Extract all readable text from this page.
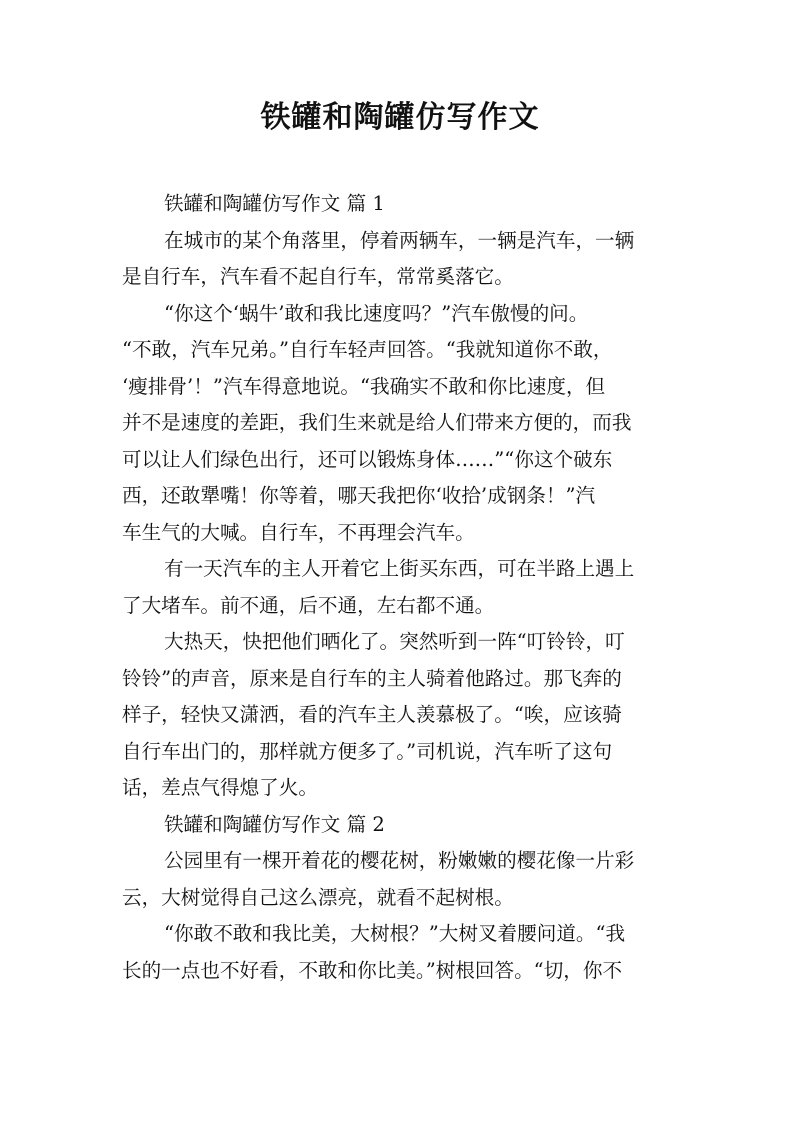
铁罐和陶罐仿写作文
铁罐和陶罐仿写作文 篇 1
在城市的某个角落里，停着两辆车，一辆是汽车，一辆
是自行车，汽车看不起自行车，常常奚落它。
“你这个‘蜗牛’敢和我比速度吗？”汽车傲慢的问。
“不敢，汽车兄弟。”自行车轻声回答。“我就知道你不敢，
‘瘦排骨’！”汽车得意地说。“我确实不敢和你比速度，但
并不是速度的差距，我们生来就是给人们带来方便的，而我
可以让人们绿色出行，还可以锻炼身体……”“你这个破东
西，还敢犟嘴！你等着，哪天我把你‘收拾’成钢条！”汽
车生气的大喊。自行车，不再理会汽车。
有一天汽车的主人开着它上街买东西，可在半路上遇上
了大堵车。前不通，后不通，左右都不通。
大热天，快把他们晒化了。突然听到一阵“叮铃铃，叮
铃铃”的声音，原来是自行车的主人骑着他路过。那飞奔的
样子，轻快又潇洒，看的汽车主人羡慕极了。“唉，应该骑
自行车出门的，那样就方便多了。”司机说，汽车听了这句
话，差点气得熄了火。
铁罐和陶罐仿写作文 篇 2
公园里有一棵开着花的樱花树，粉嫩嫩的樱花像一片彩
云，大树觉得自己这么漂亮，就看不起树根。
“你敢不敢和我比美，大树根？”大树叉着腰问道。“我
长的一点也不好看，不敢和你比美。”树根回答。“切，你不
